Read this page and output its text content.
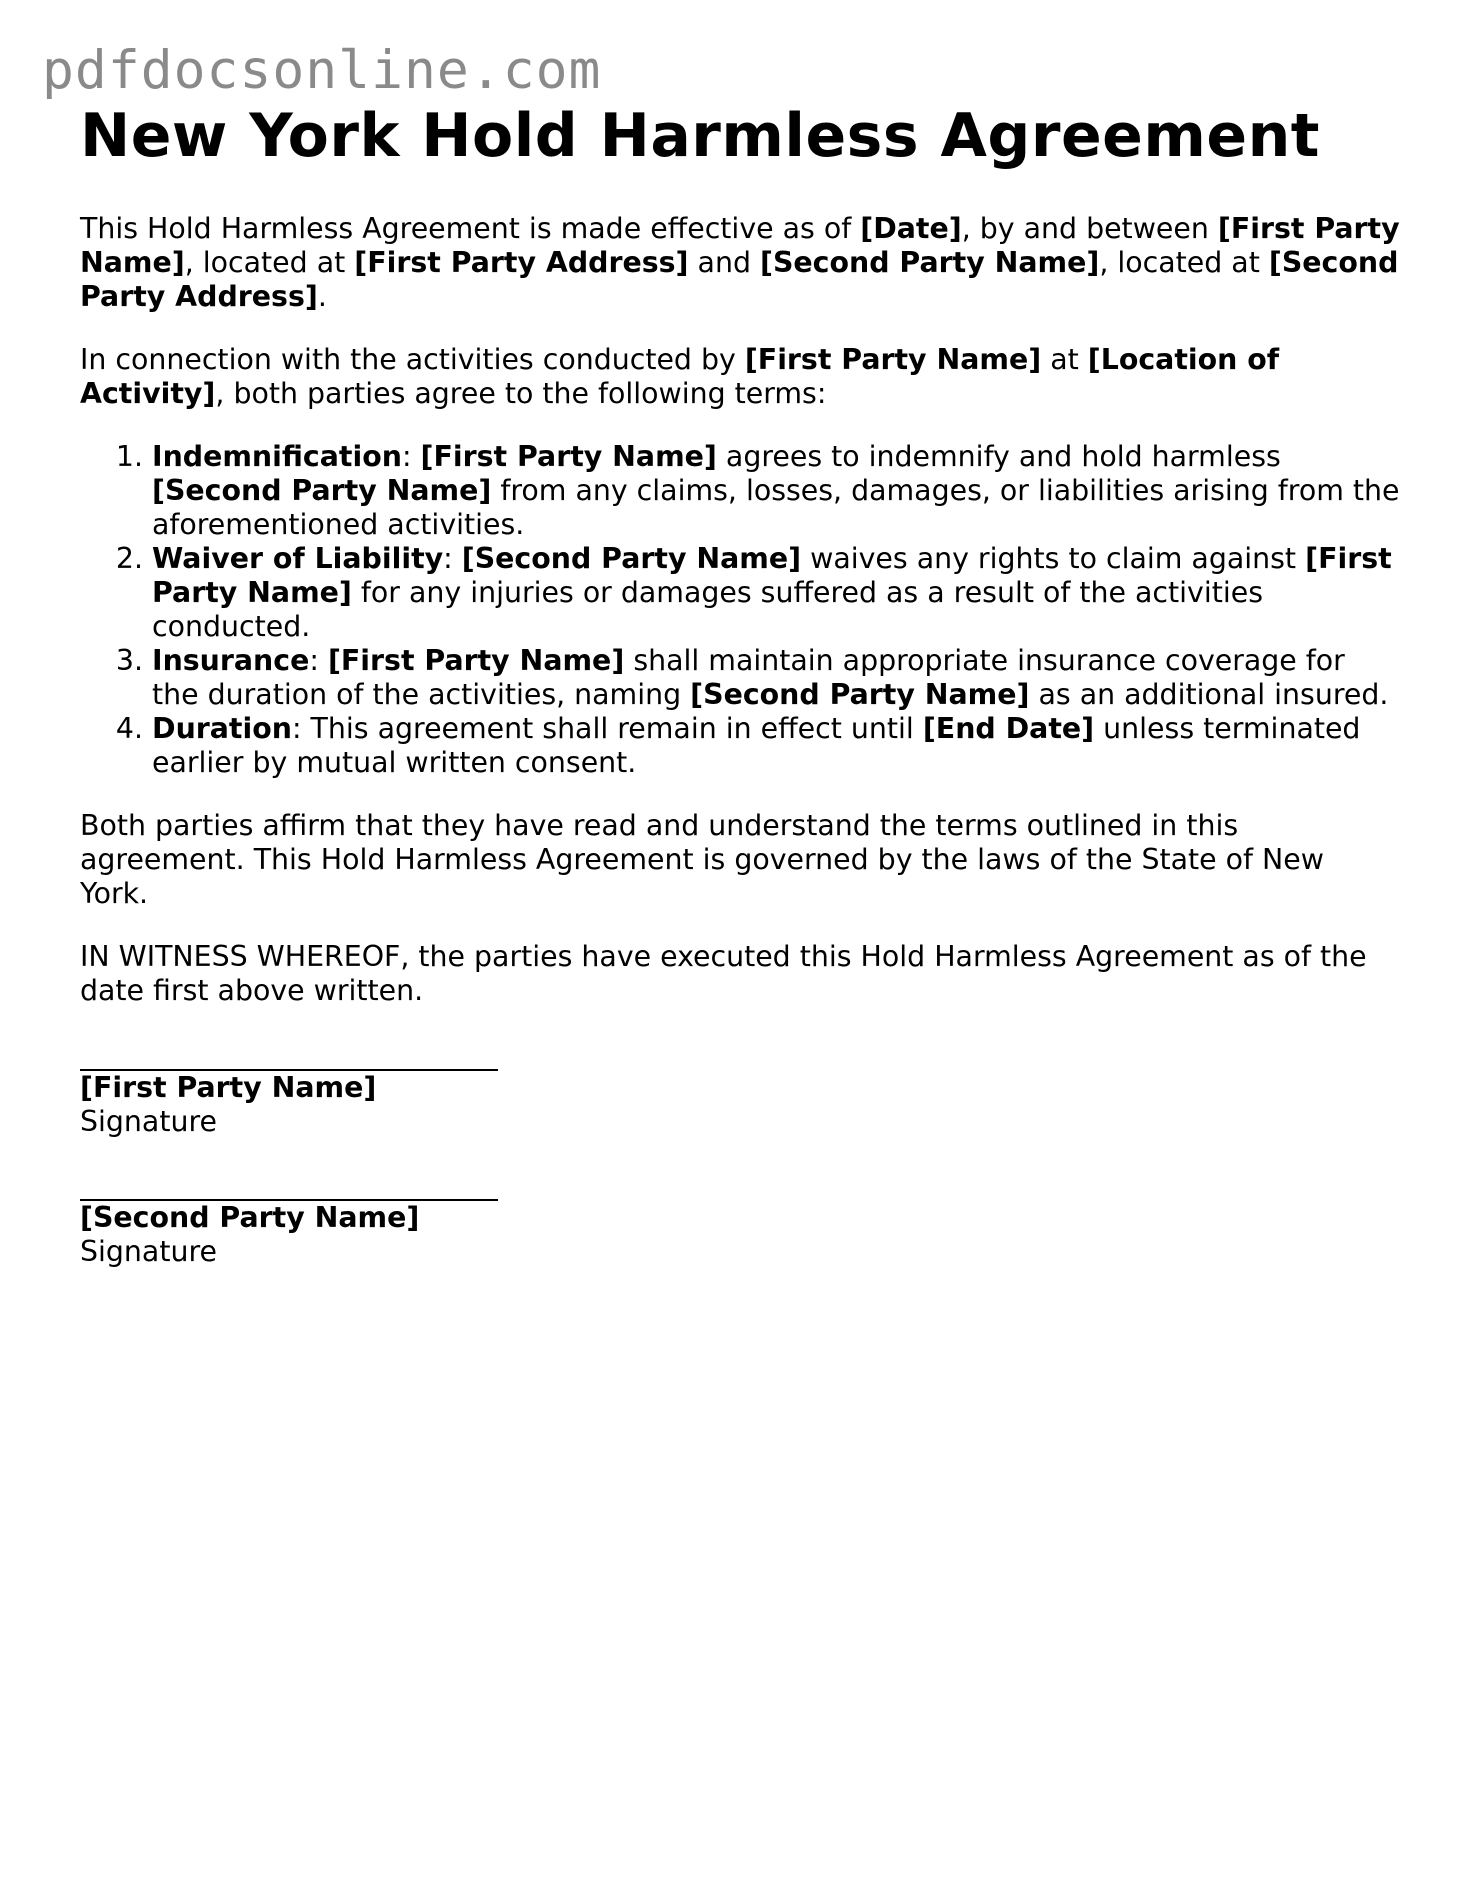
pdfdocsonline.com
New York Hold Harmless Agreement

This Hold Harmless Agreement is made effective as of [Date], by and between [First Party Name], located at [First Party Address] and [Second Party Name], located at [Second Party Address].

In connection with the activities conducted by [First Party Name] at [Location of Activity], both parties agree to the following terms:

1. Indemnification: [First Party Name] agrees to indemnify and hold harmless [Second Party Name] from any claims, losses, damages, or liabilities arising from the aforementioned activities.
2. Waiver of Liability: [Second Party Name] waives any rights to claim against [First Party Name] for any injuries or damages suffered as a result of the activities conducted.
3. Insurance: [First Party Name] shall maintain appropriate insurance coverage for the duration of the activities, naming [Second Party Name] as an additional insured.
4. Duration: This agreement shall remain in effect until [End Date] unless terminated earlier by mutual written consent.

Both parties affirm that they have read and understand the terms outlined in this agreement. This Hold Harmless Agreement is governed by the laws of the State of New York.

IN WITNESS WHEREOF, the parties have executed this Hold Harmless Agreement as of the date first above written.

[First Party Name]

Signature

[Second Party Name]

Signature
